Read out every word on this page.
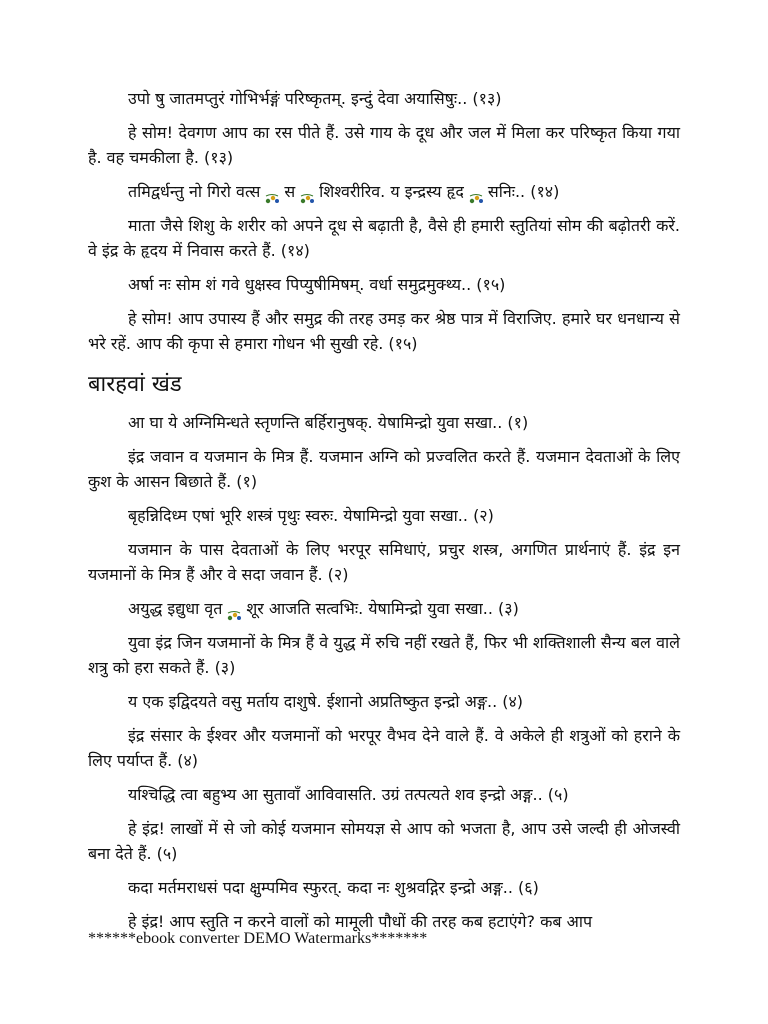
उपो षु जातमप्तुरं गोभिर्भङ्गं परिष्कृतम्. इन्दुं देवा अयासिषुः.. (१३)

हे सोम! देवगण आप का रस पीते हैं. उसे गाय के दूध और जल में मिला कर परिष्कृत किया गया है. वह चमकीला है. (१३)

तमिद्वर्धन्तु नो गिरो वत्स स शिश्वरीरिव. य इन्द्रस्य हृद सनिः.. (१४)

माता जैसे शिशु के शरीर को अपने दूध से बढ़ाती है, वैसे ही हमारी स्तुतियां सोम की बढ़ोतरी करें. वे इंद्र के हृदय में निवास करते हैं. (१४)

अर्षा नः सोम शं गवे धुक्षस्व पिप्युषीमिषम्. वर्धा समुद्रमुक्थ्य.. (१५)

हे सोम! आप उपास्य हैं और समुद्र की तरह उमड़ कर श्रेष्ठ पात्र में विराजिए. हमारे घर धनधान्य से भरे रहें. आप की कृपा से हमारा गोधन भी सुखी रहे. (१५)

बारहवां खंड

आ घा ये अग्निमिन्धते स्तृणन्ति बर्हिरानुषक्. येषामिन्द्रो युवा सखा.. (१)

इंद्र जवान व यजमान के मित्र हैं. यजमान अग्नि को प्रज्वलित करते हैं. यजमान देवताओं के लिए कुश के आसन बिछाते हैं. (१)

बृहन्निदिध्म एषां भूरि शस्त्रं पृथुः स्वरुः. येषामिन्द्रो युवा सखा.. (२)

यजमान के पास देवताओं के लिए भरपूर समिधाएं, प्रचुर शस्त्र, अगणित प्रार्थनाएं हैं. इंद्र इन यजमानों के मित्र हैं और वे सदा जवान हैं. (२)

अयुद्ध इद्युधा वृत शूर आजति सत्वभिः. येषामिन्द्रो युवा सखा.. (३)

युवा इंद्र जिन यजमानों के मित्र हैं वे युद्ध में रुचि नहीं रखते हैं, फिर भी शक्तिशाली सैन्य बल वाले शत्रु को हरा सकते हैं. (३)

य एक इद्विदयते वसु मर्ताय दाशुषे. ईशानो अप्रतिष्कुत इन्द्रो अङ्ग.. (४)

इंद्र संसार के ईश्वर और यजमानों को भरपूर वैभव देने वाले हैं. वे अकेले ही शत्रुओं को हराने के लिए पर्याप्त हैं. (४)

यश्चिद्धि त्वा बहुभ्य आ सुतावाँ आविवासति. उग्रं तत्पत्यते शव इन्द्रो अङ्ग.. (५)

हे इंद्र! लाखों में से जो कोई यजमान सोमयज्ञ से आप को भजता है, आप उसे जल्दी ही ओजस्वी बना देते हैं. (५)

कदा मर्तमराधसं पदा क्षुम्पमिव स्फुरत्. कदा नः शुश्रवद्गिर इन्द्रो अङ्ग.. (६)

हे इंद्र! आप स्तुति न करने वालों को मामूली पौधों की तरह कब हटाएंगे? कब आप

******ebook converter DEMO Watermarks*******
